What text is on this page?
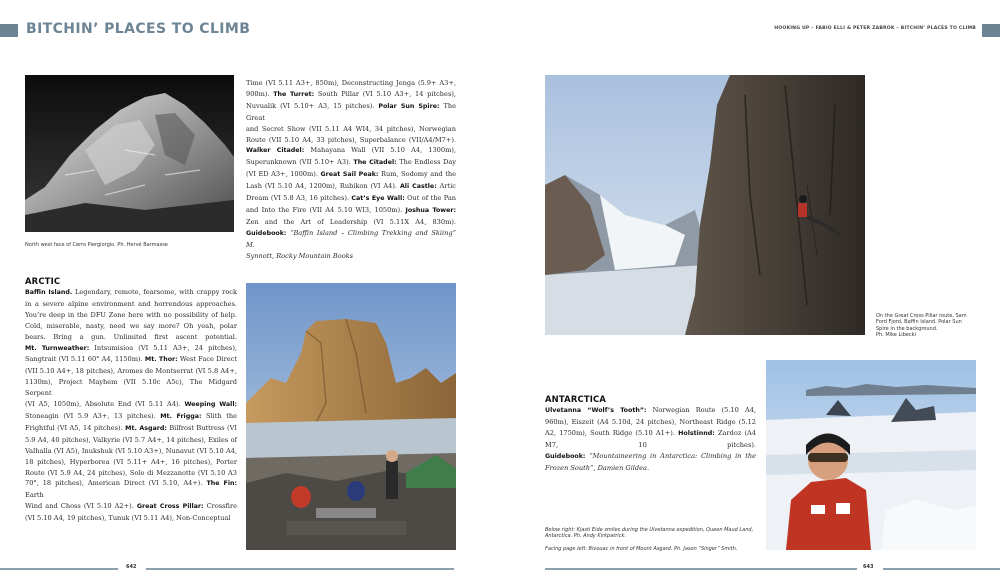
BITCHIN’ PLACES TO CLIMB	HOOKING UP – FABIO ELLI & PETER ZABROK – BITCHIN’ PLACES TO CLIMB
North west face of Cerro Piergiorgio. Ph. Hervé Barmasse
ARCTIC
Baffin Island. Legendary, remote, fearsome, with crappy rock
in a severe alpine environment and horrendous approaches.
You’re deep in the DFU Zone here with no possibility of help.
Cold, miserable, nasty, need we say more? Oh yeah, polar
bears. Bring a gun. Unlimited first ascent potential.
Mt. Turnweather: Intsumisioa (VI 5.11 A3+, 24 pitches),
Sangtrait (VI 5.11 60° A4, 1150m). Mt. Thor: West Face Direct
(VII 5.10 A4+, 18 pitches), Aromes de Montserrat (VI 5.8 A4+,
1130m), Project Mayhem (VII 5.10c A5c), The Midgard Serpent
(VI A5, 1050m), Absolute End (VI 5.11 A4). Weeping Wall:
Stoneagin (VI 5.9 A3+, 13 pitches). Mt. Frigga: Slith the
Frightful (VI A5, 14 pitches). Mt. Asgard: Bilfrost Buttress (VI
5.9 A4, 40 pitches), Valkyrie (VI 5.7 A4+, 14 pitches), Exiles of
Valhalla (VI A5), Inukshuk (VI 5.10 A3+), Nunavut (VI 5.10 A4,
18 pitches), Hyperborea (VI 5.11+ A4+, 16 pitches), Porter
Route (VI 5.9 A4, 24 pitches), Sole di Mezzanotte (VI 5.10 A3
70°, 18 pitches), American Direct (VI 5.10, A4+). The Fin: Earth
Wind and Choss (VI 5.10 A2+). Great Cross Pillar: Crossfire
(VI 5.10 A4, 19 pitches), Tunuk (VI 5.11 A4), Non-Conceptual
Time (VI 5.11 A3+, 850m), Deconstructing Jenga (5.9+ A3+,
900m). The Turret: South Pillar (VI 5.10 A3+, 14 pitches),
Nuvualik (VI 5.10+ A3, 15 pitches). Polar Sun Spire: The Great
and Secret Show (VII 5.11 A4 WI4, 34 pitches), Norwegian
Route (VII 5.10 A4, 33 pitches), Superbalance (VII/A4/M7+).
Walker Citadel: Mahayana Wall (VII 5.10 A4, 1300m),
Superunknown (VII 5.10+ A3). The Citadel: The Endless Day
(VI ED A3+, 1000m). Great Sail Peak: Rum, Sodomy and the
Lash (VI 5.10 A4, 1200m), Rubikon (VI A4). Ali Castle: Artic
Dream (VI 5.8 A3, 16 pitches). Cat’s Eye Wall: Out of the Pan
and Into the Fire (VII A4 5.10 WI3, 1050m). Joshua Tower:
Zen and the Art of Leadership (VI 5.11X A4, 830m).
Guidebook: “Baffin Island – Climbing Trekking and Skiing” M.
Synnott, Rocky Mountain Books
On the Great Cross Pillar route, Sam
Ford Fjord, Baffin Island. Polar Sun
Spire in the background.
Ph. Mike Libecki
ANTARCTICA
Ulvetanna “Wolf’s Tooth”: Norwegian Route (5.10 A4,
960m), Eiszeit (A4 5.10d, 24 pitches), Northeast Ridge (5.12
A2, 1750m), South Ridge (5.10 A1+). Holstinnd: Zardoz (A4
M7, 10 pitches).
Guidebook: “Mountaineering in Antarctica: Climbing in the
Frozen South”, Damien Gildea.
Below right: Kjasti Eide smiles during the Ulvetanna expedition, Queen Maud Land, Antarctica. Ph. Andy Kirkpatrick.
Facing page left: Bivouac in front of Mount Asgard. Ph. Jason “Singer” Smith.
642	643
